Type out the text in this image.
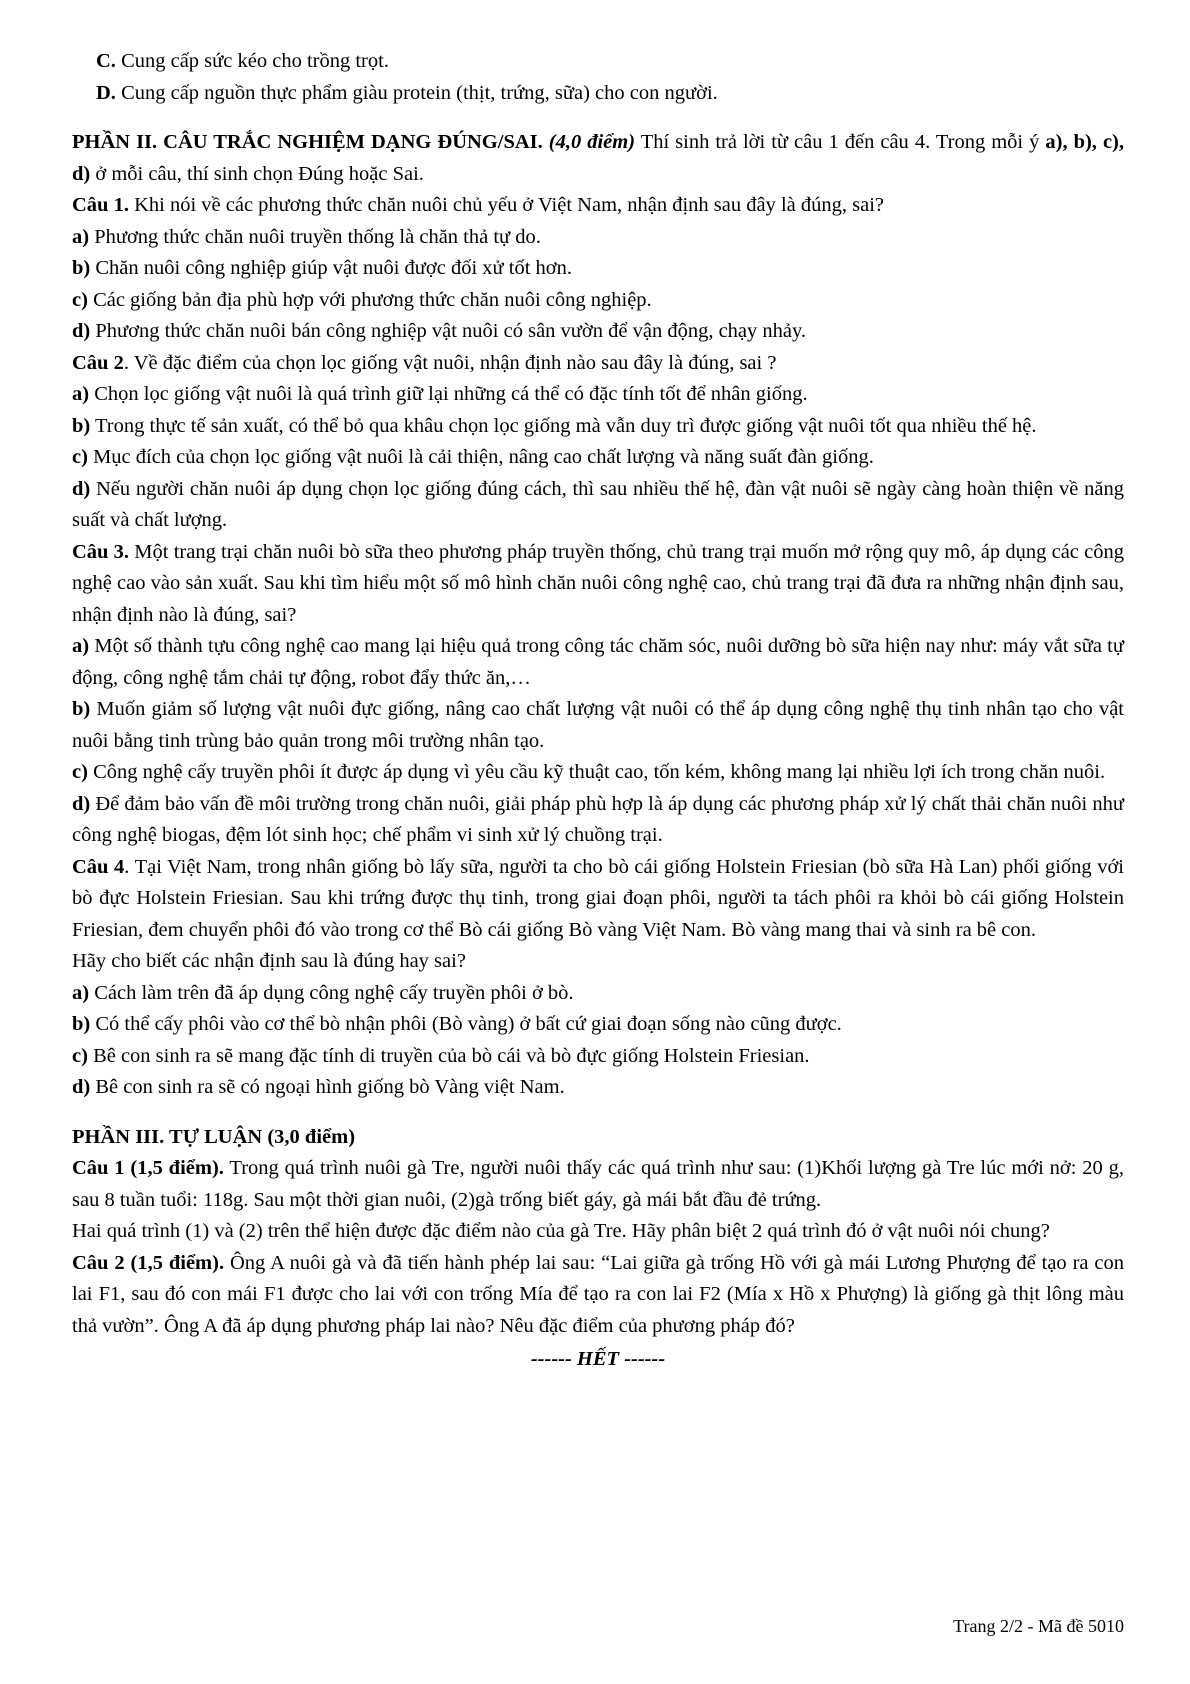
C. Cung cấp sức kéo cho trồng trọt.
D. Cung cấp nguồn thực phẩm giàu protein (thịt, trứng, sữa) cho con người.
PHẦN II. CÂU TRẮC NGHIỆM DẠNG ĐÚNG/SAI. (4,0 điểm) Thí sinh trả lời từ câu 1 đến câu 4. Trong mỗi ý a), b), c), d) ở mỗi câu, thí sinh chọn Đúng hoặc Sai.
Câu 1. Khi nói về các phương thức chăn nuôi chủ yếu ở Việt Nam, nhận định sau đây là đúng, sai?
a) Phương thức chăn nuôi truyền thống là chăn thả tự do.
b) Chăn nuôi công nghiệp giúp vật nuôi được đối xử tốt hơn.
c) Các giống bản địa phù hợp với phương thức chăn nuôi công nghiệp.
d) Phương thức chăn nuôi bán công nghiệp vật nuôi có sân vườn để vận động, chạy nhảy.
Câu 2. Về đặc điểm của chọn lọc giống vật nuôi, nhận định nào sau đây là đúng, sai ?
a) Chọn lọc giống vật nuôi là quá trình giữ lại những cá thể có đặc tính tốt để nhân giống.
b) Trong thực tế sản xuất, có thể bỏ qua khâu chọn lọc giống mà vẫn duy trì được giống vật nuôi tốt qua nhiều thế hệ.
c) Mục đích của chọn lọc giống vật nuôi là cải thiện, nâng cao chất lượng và năng suất đàn giống.
d) Nếu người chăn nuôi áp dụng chọn lọc giống đúng cách, thì sau nhiều thế hệ, đàn vật nuôi sẽ ngày càng hoàn thiện về năng suất và chất lượng.
Câu 3. Một trang trại chăn nuôi bò sữa theo phương pháp truyền thống, chủ trang trại muốn mở rộng quy mô, áp dụng các công nghệ cao vào sản xuất. Sau khi tìm hiểu một số mô hình chăn nuôi công nghệ cao, chủ trang trại đã đưa ra những nhận định sau, nhận định nào là đúng, sai?
a) Một số thành tựu công nghệ cao mang lại hiệu quả trong công tác chăm sóc, nuôi dưỡng bò sữa hiện nay như: máy vắt sữa tự động, công nghệ tắm chải tự động, robot đẩy thức ăn,…
b) Muốn giảm số lượng vật nuôi đực giống, nâng cao chất lượng vật nuôi có thể áp dụng công nghệ thụ tinh nhân tạo cho vật nuôi bằng tinh trùng bảo quản trong môi trường nhân tạo.
c) Công nghệ cấy truyền phôi ít được áp dụng vì yêu cầu kỹ thuật cao, tốn kém, không mang lại nhiều lợi ích trong chăn nuôi.
d) Để đảm bảo vấn đề môi trường trong chăn nuôi, giải pháp phù hợp là áp dụng các phương pháp xử lý chất thải chăn nuôi như công nghệ biogas, đệm lót sinh học; chế phẩm vi sinh xử lý chuồng trại.
Câu 4. Tại Việt Nam, trong nhân giống bò lấy sữa, người ta cho bò cái giống Holstein Friesian (bò sữa Hà Lan) phối giống với bò đực Holstein Friesian. Sau khi trứng được thụ tinh, trong giai đoạn phôi, người ta tách phôi ra khỏi bò cái giống Holstein Friesian, đem chuyển phôi đó vào trong cơ thể Bò cái giống Bò vàng Việt Nam. Bò vàng mang thai và sinh ra bê con.
Hãy cho biết các nhận định sau là đúng hay sai?
a) Cách làm trên đã áp dụng công nghệ cấy truyền phôi ở bò.
b) Có thể cấy phôi vào cơ thể bò nhận phôi (Bò vàng) ở bất cứ giai đoạn sống nào cũng được.
c) Bê con sinh ra sẽ mang đặc tính di truyền của bò cái và bò đực giống Holstein Friesian.
d) Bê con sinh ra sẽ có ngoại hình giống bò Vàng việt Nam.
PHẦN III. TỰ LUẬN (3,0 điểm)
Câu 1 (1,5 điểm). Trong quá trình nuôi gà Tre, người nuôi thấy các quá trình như sau: (1)Khối lượng gà Tre lúc mới nở: 20 g, sau 8 tuần tuổi: 118g. Sau một thời gian nuôi, (2)gà trống biết gáy, gà mái bắt đầu đẻ trứng.
Hai quá trình (1) và (2) trên thể hiện được đặc điểm nào của gà Tre. Hãy phân biệt 2 quá trình đó ở vật nuôi nói chung?
Câu 2 (1,5 điểm). Ông A nuôi gà và đã tiến hành phép lai sau: “Lai giữa gà trống Hồ với gà mái Lương Phượng để tạo ra con lai F1, sau đó con mái F1 được cho lai với con trống Mía để tạo ra con lai F2 (Mía x Hồ x Phượng) là giống gà thịt lông màu thả vườn”. Ông A đã áp dụng phương pháp lai nào? Nêu đặc điểm của phương pháp đó?
------ HẾT ------
Trang 2/2 - Mã đề 5010
